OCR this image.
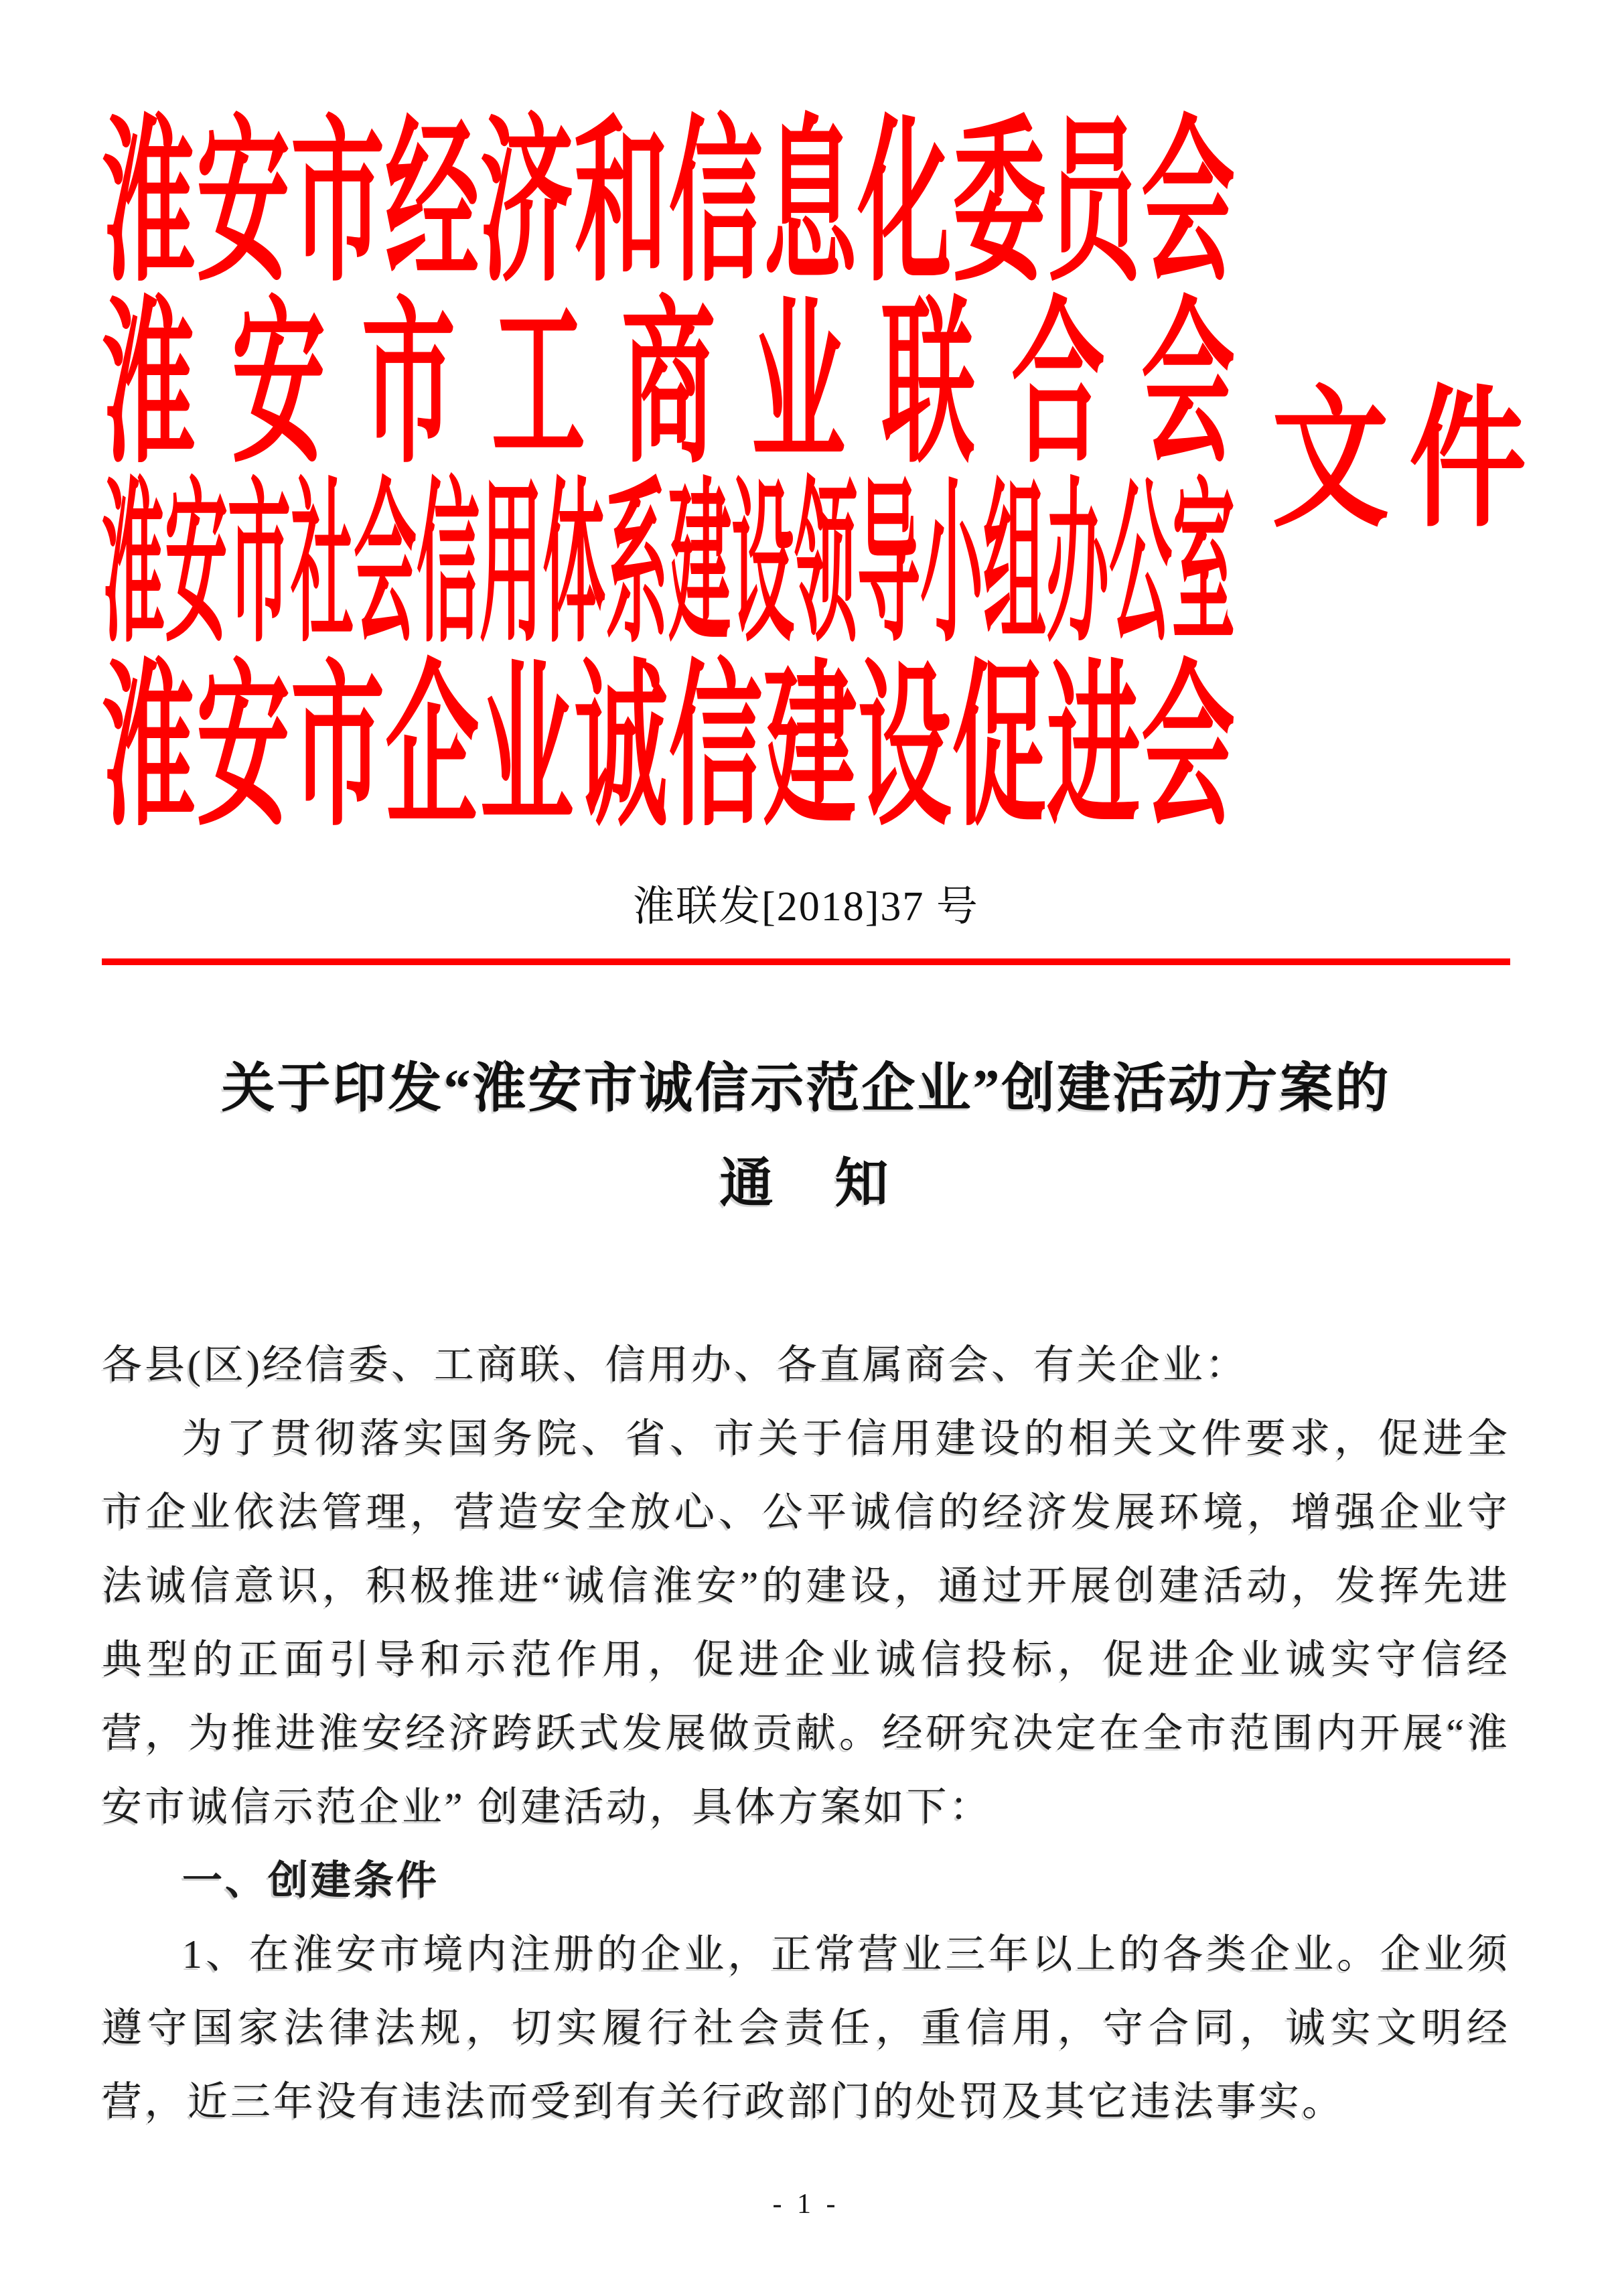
淮安市经济和信息化委员会
淮安市工商业联合会
淮安市社会信用体系建设领导小组办公室
淮安市企业诚信建设促进会
文件
淮联发[2018]37 号
关于印发“淮安市诚信示范企业”创建活动方案的
通　知

各县(区)经信委、工商联、信用办、各直属商会、有关企业：

为了贯彻落实国务院、省、市关于信用建设的相关文件要求，促进全市企业依法管理，营造安全放心、公平诚信的经济发展环境，增强企业守法诚信意识，积极推进“诚信淮安”的建设，通过开展创建活动，发挥先进典型的正面引导和示范作用，促进企业诚信投标，促进企业诚实守信经营，为推进淮安经济跨跃式发展做贡献。经研究决定在全市范围内开展“淮安市诚信示范企业” 创建活动，具体方案如下：

一、创建条件

1、在淮安市境内注册的企业，正常营业三年以上的各类企业。企业须遵守国家法律法规，切实履行社会责任，重信用，守合同，诚实文明经营，近三年没有违法而受到有关行政部门的处罚及其它违法事实。

- 1 -
